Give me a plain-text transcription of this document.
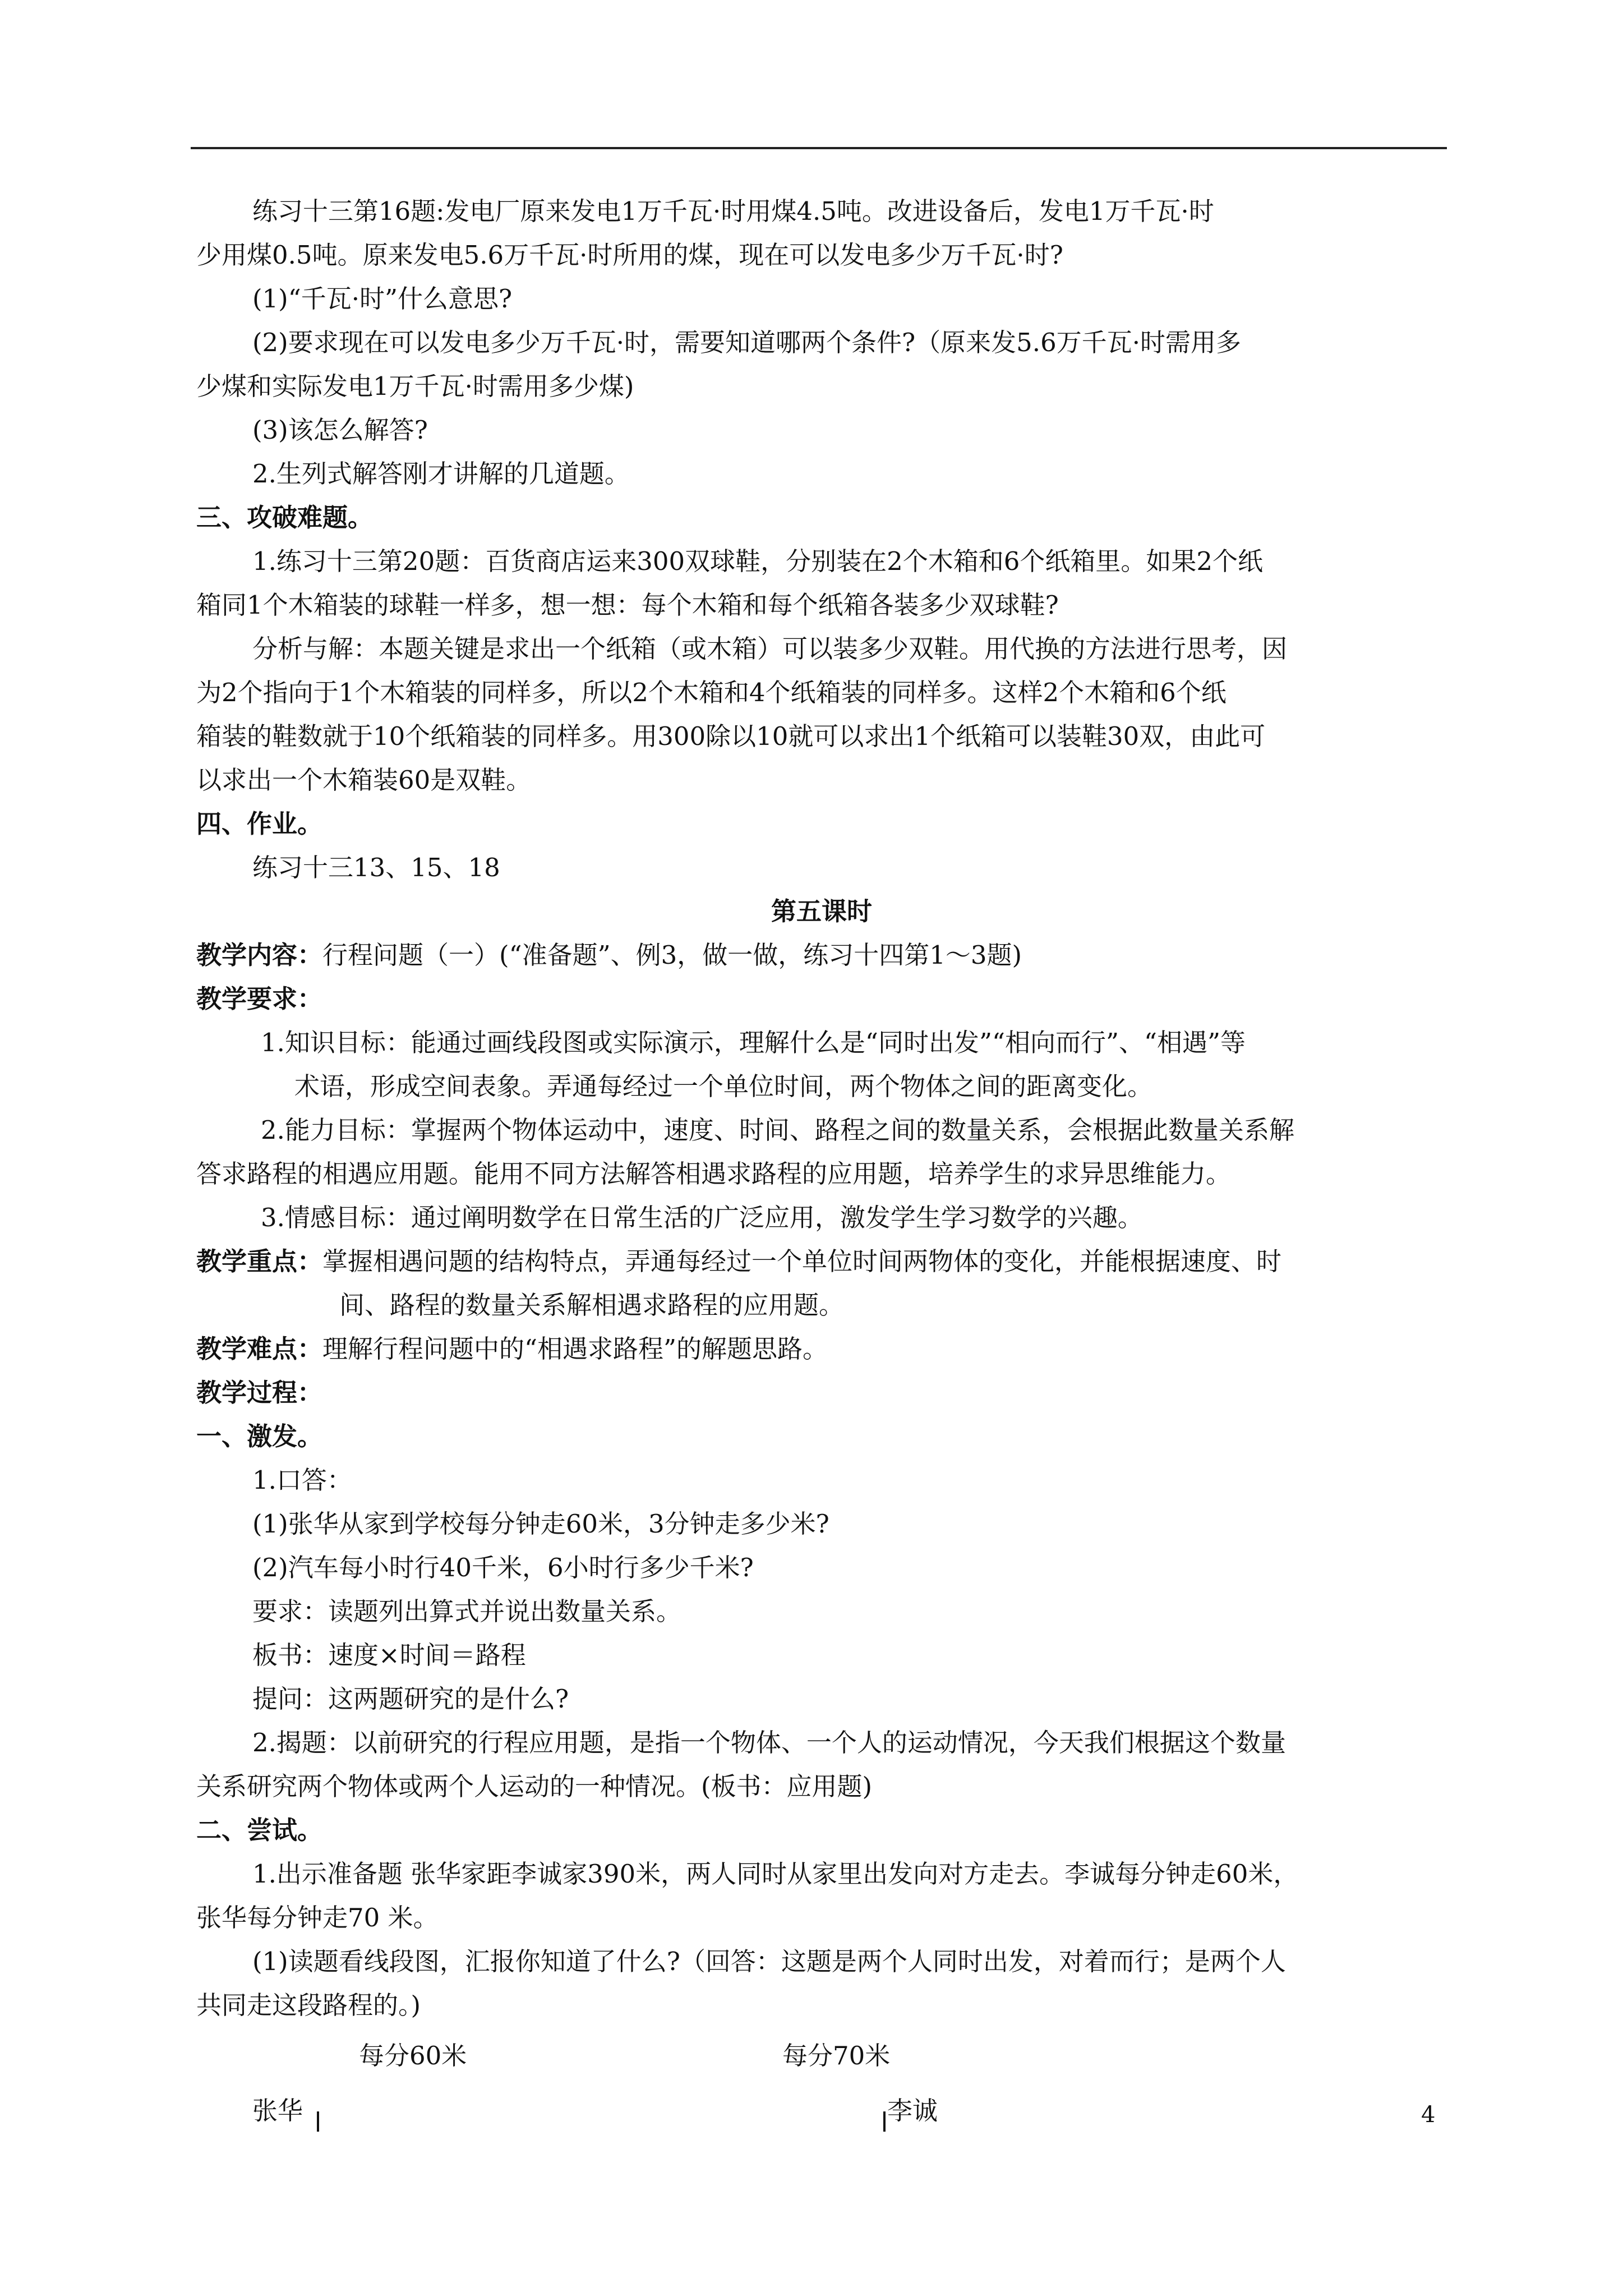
练习十三第16题:发电厂原来发电1万千瓦·时用煤4.5吨。改进设备后，发电1万千瓦·时

少用煤0.5吨。原来发电5.6万千瓦·时所用的煤，现在可以发电多少万千瓦·时?

(1)“千瓦·时”什么意思?

(2)要求现在可以发电多少万千瓦·时，需要知道哪两个条件?（原来发5.6万千瓦·时需用多

少煤和实际发电1万千瓦·时需用多少煤)

(3)该怎么解答?

2.生列式解答刚才讲解的几道题。

三、攻破难题。

1.练习十三第20题：百货商店运来300双球鞋，分别装在2个木箱和6个纸箱里。如果2个纸

箱同1个木箱装的球鞋一样多，想一想：每个木箱和每个纸箱各装多少双球鞋?

分析与解：本题关键是求出一个纸箱（或木箱）可以装多少双鞋。用代换的方法进行思考，因

为2个指向于1个木箱装的同样多，所以2个木箱和4个纸箱装的同样多。这样2个木箱和6个纸

箱装的鞋数就于10个纸箱装的同样多。用300除以10就可以求出1个纸箱可以装鞋30双，由此可

以求出一个木箱装60是双鞋。

四、作业。

练习十三13、15、18

第五课时

教学内容：行程问题（一）(“准备题”、例3，做一做，练习十四第1～3题)

教学要求：

1.知识目标：能通过画线段图或实际演示，理解什么是“同时出发”“相向而行”、“相遇”等

术语，形成空间表象。弄通每经过一个单位时间，两个物体之间的距离变化。

2.能力目标：掌握两个物体运动中，速度、时间、路程之间的数量关系，会根据此数量关系解

答求路程的相遇应用题。能用不同方法解答相遇求路程的应用题，培养学生的求异思维能力。

3.情感目标：通过阐明数学在日常生活的广泛应用，激发学生学习数学的兴趣。

教学重点：掌握相遇问题的结构特点，弄通每经过一个单位时间两物体的变化，并能根据速度、时

间、路程的数量关系解相遇求路程的应用题。

教学难点：理解行程问题中的“相遇求路程”的解题思路。

教学过程：

一、激发。

1.口答：

(1)张华从家到学校每分钟走60米，3分钟走多少米?

(2)汽车每小时行40千米，6小时行多少千米?

要求：读题列出算式并说出数量关系。

板书：速度×时间＝路程

提问：这两题研究的是什么?

2.揭题：以前研究的行程应用题，是指一个物体、一个人的运动情况，今天我们根据这个数量

关系研究两个物体或两个人运动的一种情况。(板书：应用题)

二、尝试。

1.出示准备题 张华家距李诚家390米，两人同时从家里出发向对方走去。李诚每分钟走60米，

张华每分钟走70 米。

(1)读题看线段图，汇报你知道了什么?（回答：这题是两个人同时出发，对着而行；是两个人

共同走这段路程的。)

每分60米	每分70米
张华	李诚	4
